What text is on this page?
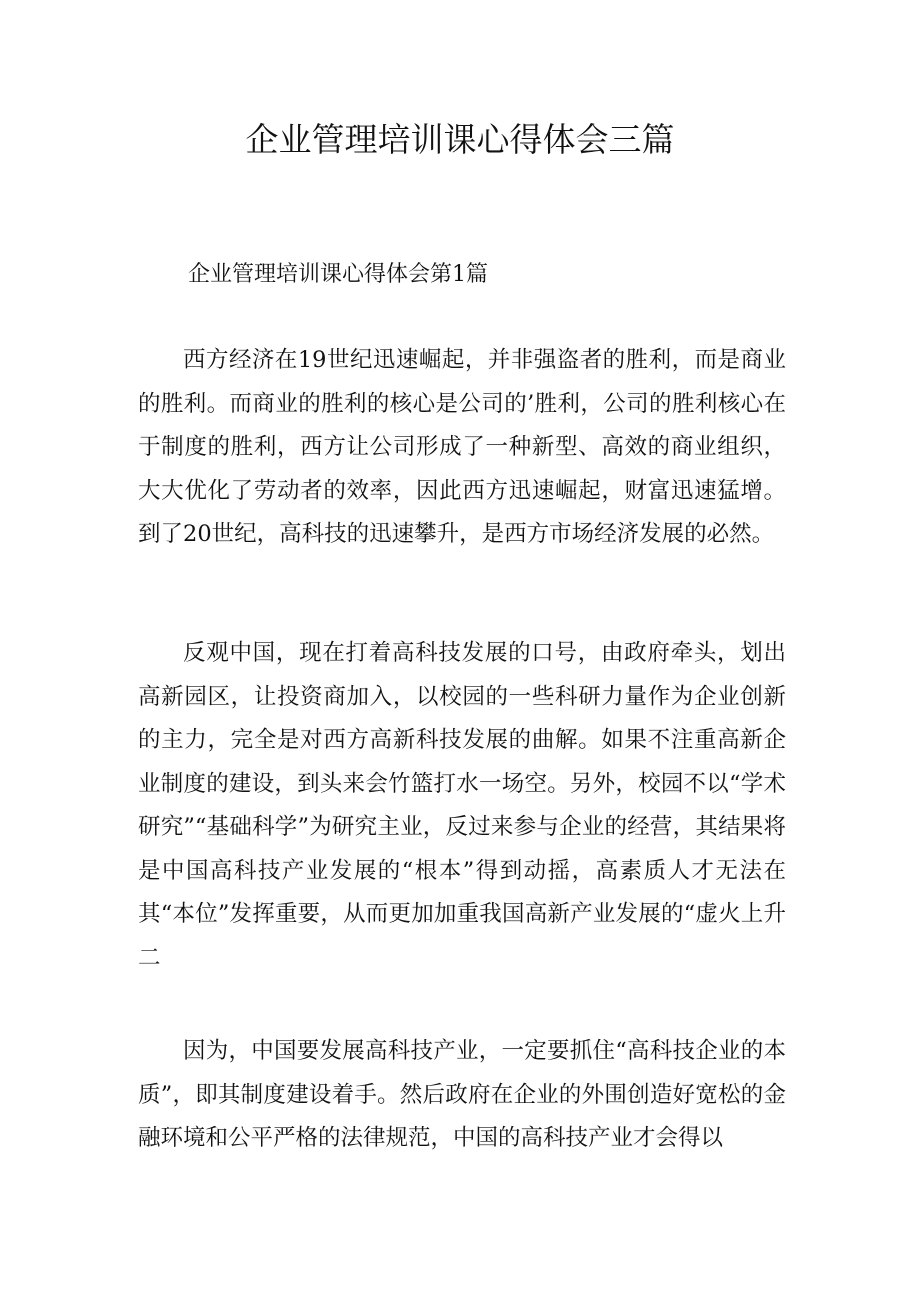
企业管理培训课心得体会三篇

企业管理培训课心得体会第1篇

西方经济在19世纪迅速崛起，并非强盗者的胜利，而是商业的胜利。而商业的胜利的核心是公司的’胜利，公司的胜利核心在于制度的胜利，西方让公司形成了一种新型、高效的商业组织，大大优化了劳动者的效率，因此西方迅速崛起，财富迅速猛增。到了20世纪，高科技的迅速攀升，是西方市场经济发展的必然。

反观中国，现在打着高科技发展的口号，由政府牵头，划出高新园区，让投资商加入，以校园的一些科研力量作为企业创新的主力，完全是对西方高新科技发展的曲解。如果不注重高新企业制度的建设，到头来会竹篮打水一场空。另外，校园不以“学术研究”“基础科学”为研究主业，反过来参与企业的经营，其结果将是中国高科技产业发展的“根本”得到动摇，高素质人才无法在其“本位”发挥重要，从而更加加重我国高新产业发展的“虚火上升二

因为，中国要发展高科技产业，一定要抓住“高科技企业的本质”，即其制度建设着手。然后政府在企业的外围创造好宽松的金融环境和公平严格的法律规范，中国的高科技产业才会得以
